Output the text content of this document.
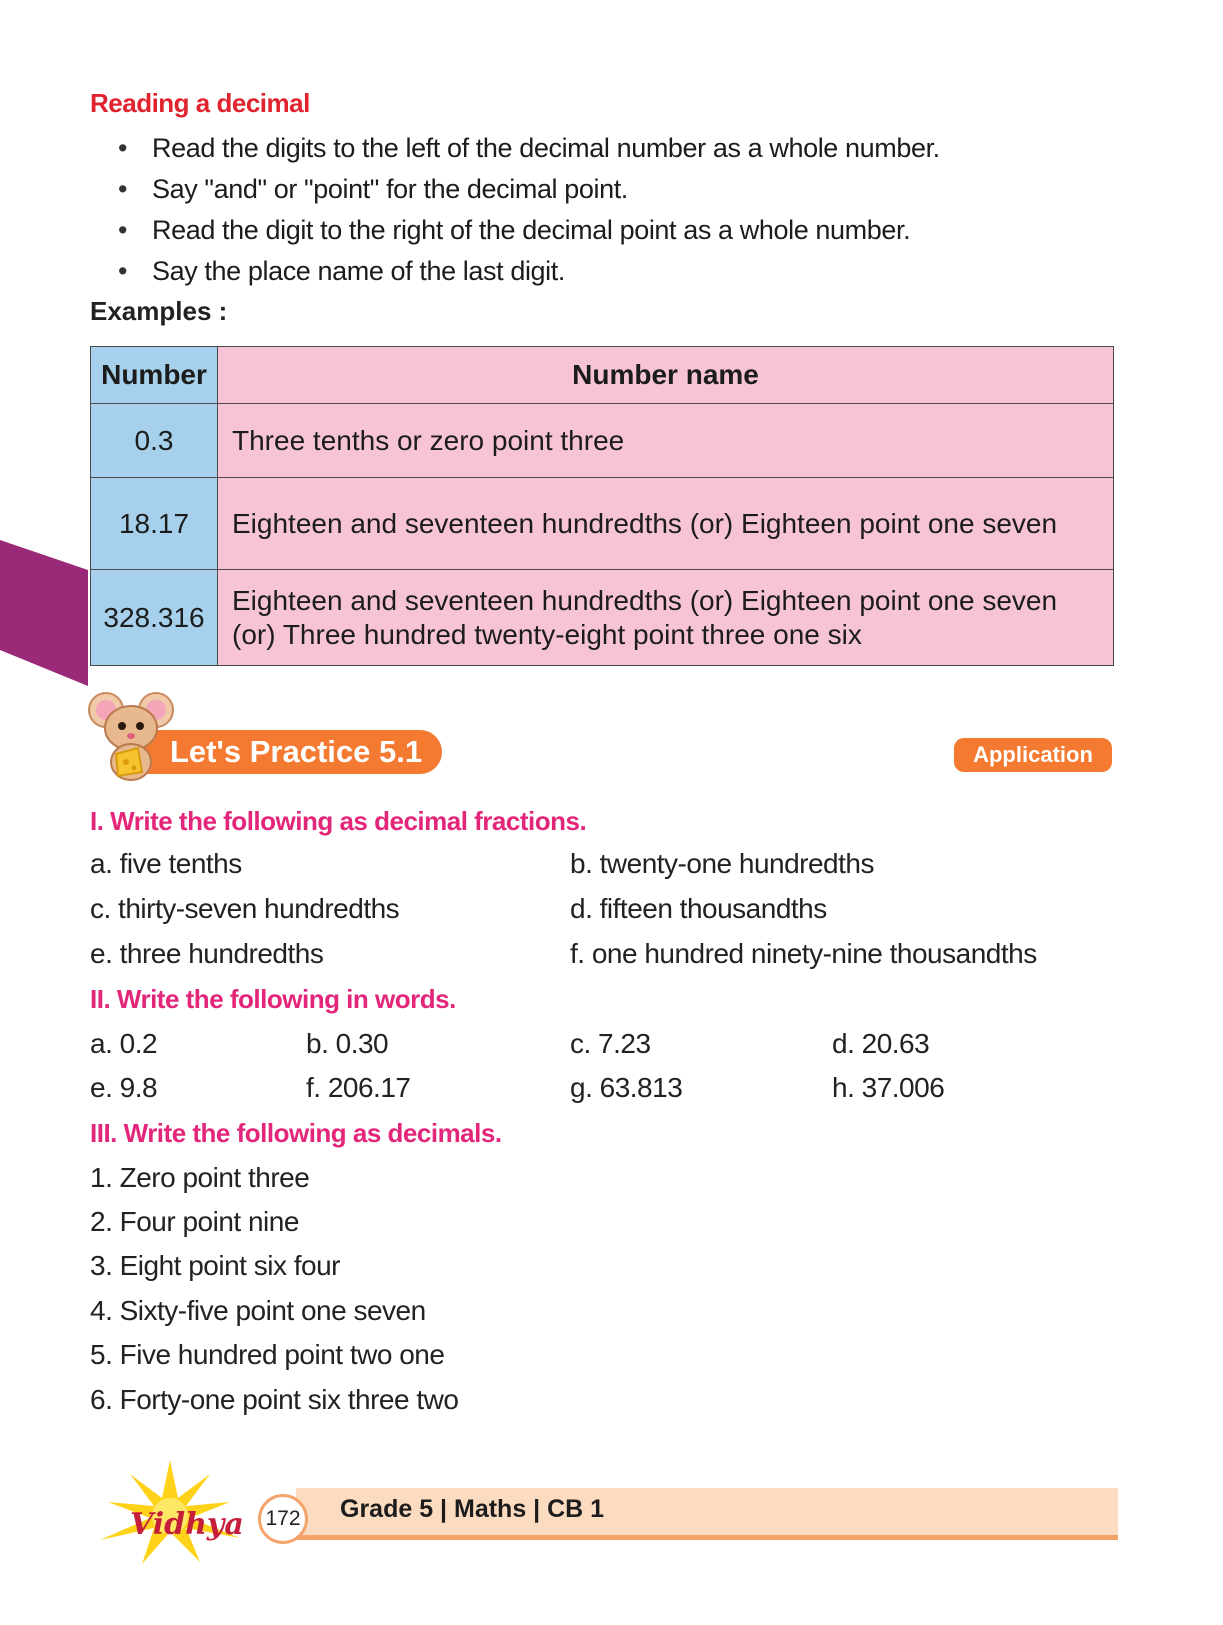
Reading a decimal
• Read the digits to the left of the decimal number as a whole number.
• Say "and" or "point" for the decimal point.
• Read the digit to the right of the decimal point as a whole number.
• Say the place name of the last digit.
Examples :
Number	Number name
0.3	Three tenths or zero point three
18.17	Eighteen and seventeen hundredths (or) Eighteen point one seven
328.316	Eighteen and seventeen hundredths (or) Eighteen point one seven (or) Three hundred twenty-eight point three one six
Let's Practice 5.1	Application
I. Write the following as decimal fractions.
a. five tenths	b. twenty-one hundredths
c. thirty-seven hundredths	d. fifteen thousandths
e. three hundredths	f. one hundred ninety-nine thousandths
II. Write the following in words.
a. 0.2	b. 0.30	c. 7.23	d. 20.63
e. 9.8	f. 206.17	g. 63.813	h. 37.006
III. Write the following as decimals.
1. Zero point three
2. Four point nine
3. Eight point six four
4. Sixty-five point one seven
5. Five hundred point two one
6. Forty-one point six three two
Vidhya	172 Grade 5 | Maths | CB 1
